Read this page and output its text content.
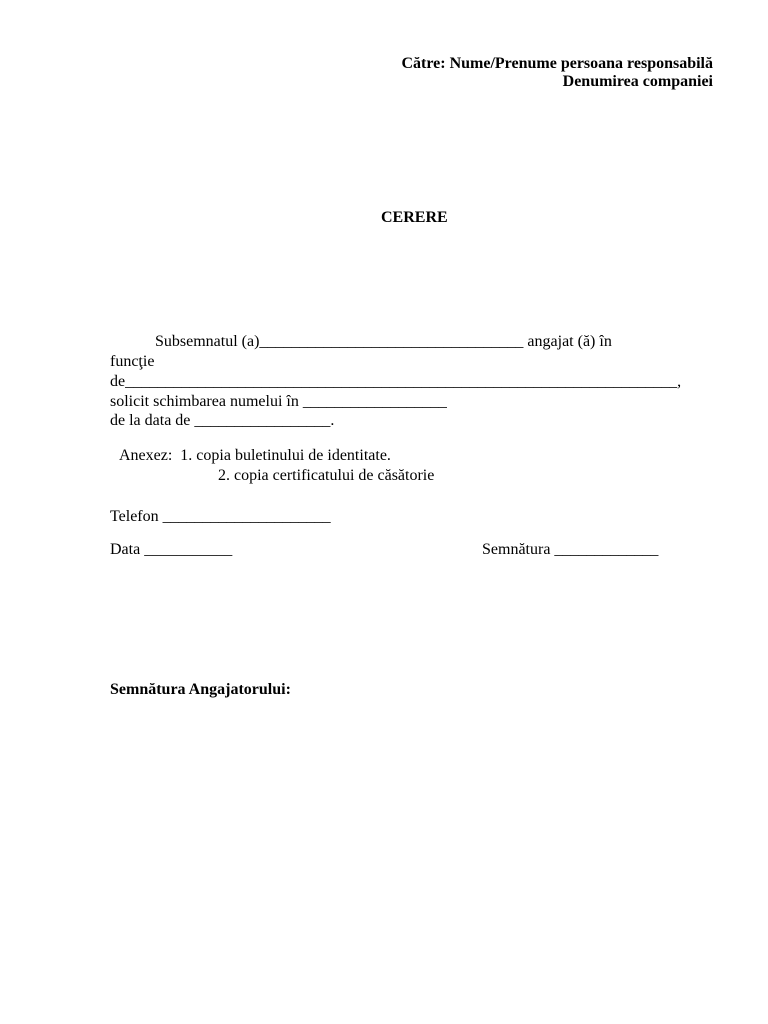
Către: Nume/Prenume persoana responsabilă
Denumirea companiei
CERERE
Subsemnatul (a)_________________________________ angajat (ă) în
funcţie
de_____________________________________________________________________,
solicit schimbarea numelui în __________________
de la data de _________________.
Anexez:  1. copia buletinului de identitate.
2. copia certificatului de căsătorie
Telefon _____________________
Data ___________	Semnătura _____________
Semnătura Angajatorului:
